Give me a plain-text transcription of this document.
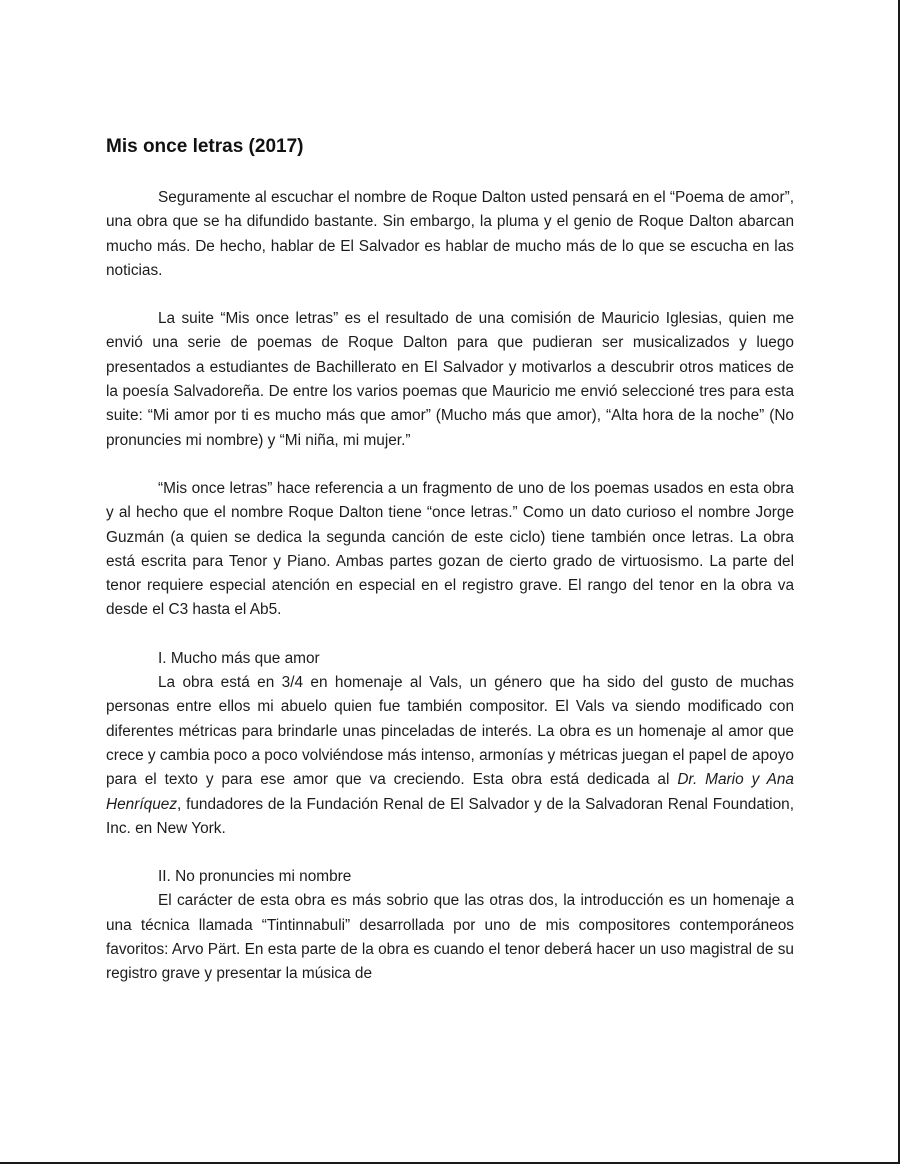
Mis once letras (2017)

Seguramente al escuchar el nombre de Roque Dalton usted pensará en el “Poema de amor”, una obra que se ha difundido bastante. Sin embargo, la pluma y el genio de Roque Dalton abarcan mucho más. De hecho, hablar de El Salvador es hablar de mucho más de lo que se escucha en las noticias.

La suite “Mis once letras” es el resultado de una comisión de Mauricio Iglesias, quien me envió una serie de poemas de Roque Dalton para que pudieran ser musicalizados y luego presentados a estudiantes de Bachillerato en El Salvador y motivarlos a descubrir otros matices de la poesía Salvadoreña. De entre los varios poemas que Mauricio me envió seleccioné tres para esta suite: “Mi amor por ti es mucho más que amor” (Mucho más que amor), “Alta hora de la noche” (No pronuncies mi nombre) y “Mi niña, mi mujer.”

“Mis once letras” hace referencia a un fragmento de uno de los poemas usados en esta obra y al hecho que el nombre Roque Dalton tiene “once letras.” Como un dato curioso el nombre Jorge Guzmán (a quien se dedica la segunda canción de este ciclo) tiene también once letras. La obra está escrita para Tenor y Piano. Ambas partes gozan de cierto grado de virtuosismo. La parte del tenor requiere especial atención en especial en el registro grave. El rango del tenor en la obra va desde el C3 hasta el Ab5.

I. Mucho más que amor

La obra está en 3/4 en homenaje al Vals, un género que ha sido del gusto de muchas personas entre ellos mi abuelo quien fue también compositor. El Vals va siendo modificado con diferentes métricas para brindarle unas pinceladas de interés. La obra es un homenaje al amor que crece y cambia poco a poco volviéndose más intenso, armonías y métricas juegan el papel de apoyo para el texto y para ese amor que va creciendo. Esta obra está dedicada al Dr. Mario y Ana Henríquez, fundadores de la Fundación Renal de El Salvador y de la Salvadoran Renal Foundation, Inc. en New York.

II. No pronuncies mi nombre

El carácter de esta obra es más sobrio que las otras dos, la introducción es un homenaje a una técnica llamada “Tintinnabuli” desarrollada por uno de mis compositores contemporáneos favoritos: Arvo Pärt. En esta parte de la obra es cuando el tenor deberá hacer un uso magistral de su registro grave y presentar la música de
